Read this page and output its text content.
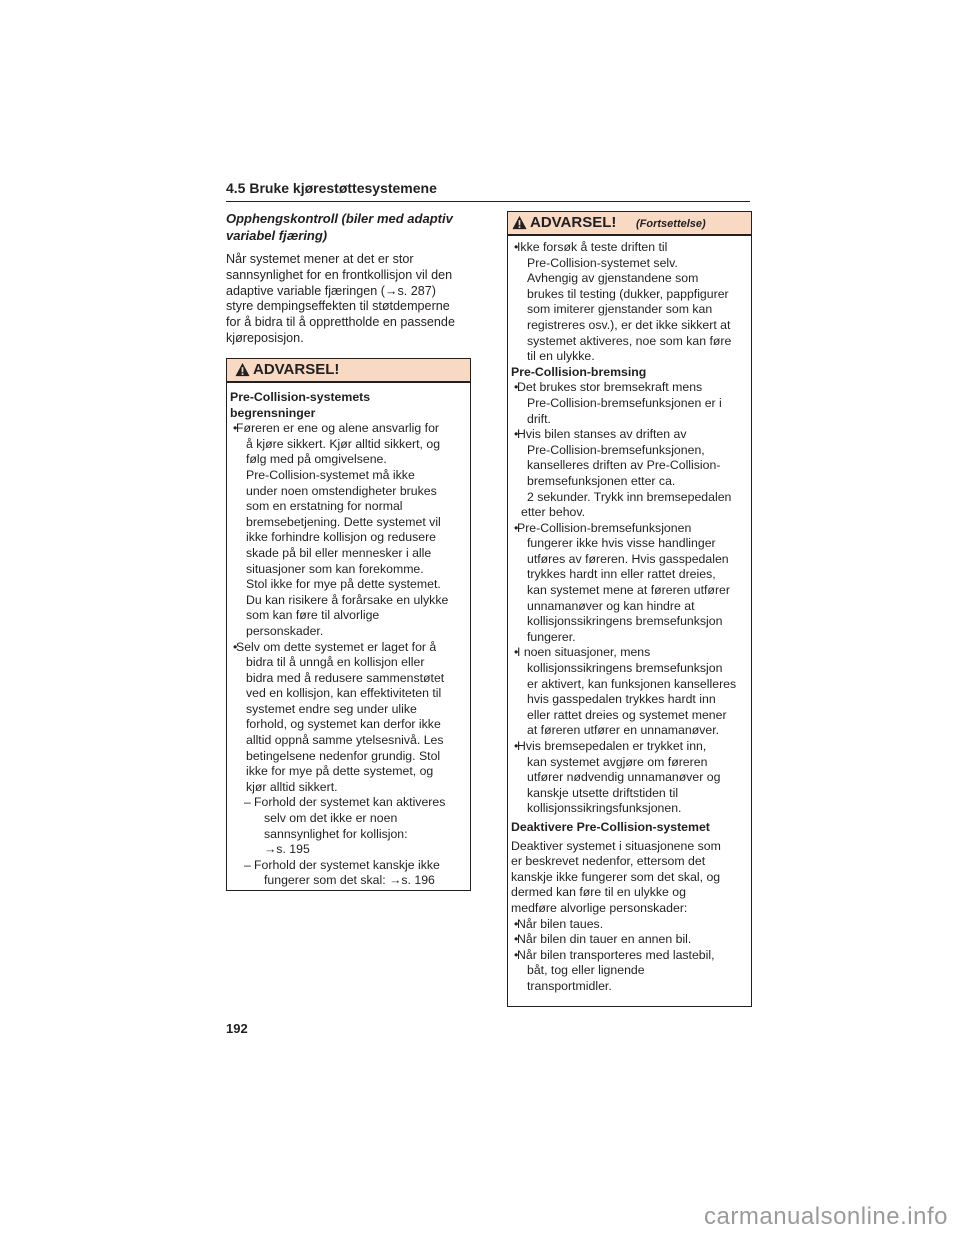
4.5 Bruke kjørestøttesystemene
Opphengskontroll (biler med adaptiv
variabel fjæring)
Når systemet mener at det er stor
sannsynlighet for en frontkollisjon vil den
adaptive variable fjæringen (→s. 287)
styre dempingseffekten til støtdemperne
for å bidra til å opprettholde en passende
kjøreposisjon.
ADVARSEL!
Pre-Collision-systemets
begrensninger
• Føreren er ene og alene ansvarlig for
å kjøre sikkert. Kjør alltid sikkert, og
følg med på omgivelsene.
Pre-Collision-systemet må ikke
under noen omstendigheter brukes
som en erstatning for normal
bremsebetjening. Dette systemet vil
ikke forhindre kollisjon og redusere
skade på bil eller mennesker i alle
situasjoner som kan forekomme.
Stol ikke for mye på dette systemet.
Du kan risikere å forårsake en ulykke
som kan føre til alvorlige
personskader.
• Selv om dette systemet er laget for å
bidra til å unngå en kollisjon eller
bidra med å redusere sammenstøtet
ved en kollisjon, kan effektiviteten til
systemet endre seg under ulike
forhold, og systemet kan derfor ikke
alltid oppnå samme ytelsesnivå. Les
betingelsene nedenfor grundig. Stol
ikke for mye på dette systemet, og
kjør alltid sikkert.
– Forhold der systemet kan aktiveres
selv om det ikke er noen
sannsynlighet for kollisjon:
→s. 195
– Forhold der systemet kanskje ikke
fungerer som det skal: →s. 196
ADVARSEL! (Fortsettelse)
• Ikke forsøk å teste driften til
Pre-Collision-systemet selv.
Avhengig av gjenstandene som
brukes til testing (dukker, pappfigurer
som imiterer gjenstander som kan
registreres osv.), er det ikke sikkert at
systemet aktiveres, noe som kan føre
til en ulykke.
Pre-Collision-bremsing
• Det brukes stor bremsekraft mens
Pre-Collision-bremsefunksjonen er i
drift.
• Hvis bilen stanses av driften av
Pre-Collision-bremsefunksjonen,
kanselleres driften av Pre-Collision-
bremsefunksjonen etter ca.
2 sekunder. Trykk inn bremsepedalen
etter behov.
• Pre-Collision-bremsefunksjonen
fungerer ikke hvis visse handlinger
utføres av føreren. Hvis gasspedalen
trykkes hardt inn eller rattet dreies,
kan systemet mene at føreren utfører
unnamanøver og kan hindre at
kollisjonssikringens bremsefunksjon
fungerer.
• I noen situasjoner, mens
kollisjonssikringens bremsefunksjon
er aktivert, kan funksjonen kanselleres
hvis gasspedalen trykkes hardt inn
eller rattet dreies og systemet mener
at føreren utfører en unnamanøver.
• Hvis bremsepedalen er trykket inn,
kan systemet avgjøre om føreren
utfører nødvendig unnamanøver og
kanskje utsette driftstiden til
kollisjonssikringsfunksjonen.
Deaktivere Pre-Collision-systemet
Deaktiver systemet i situasjonene som
er beskrevet nedenfor, ettersom det
kanskje ikke fungerer som det skal, og
dermed kan føre til en ulykke og
medføre alvorlige personskader:
• Når bilen taues.
• Når bilen din tauer en annen bil.
• Når bilen transporteres med lastebil,
båt, tog eller lignende
transportmidler.
192
carmanualsonline.info
